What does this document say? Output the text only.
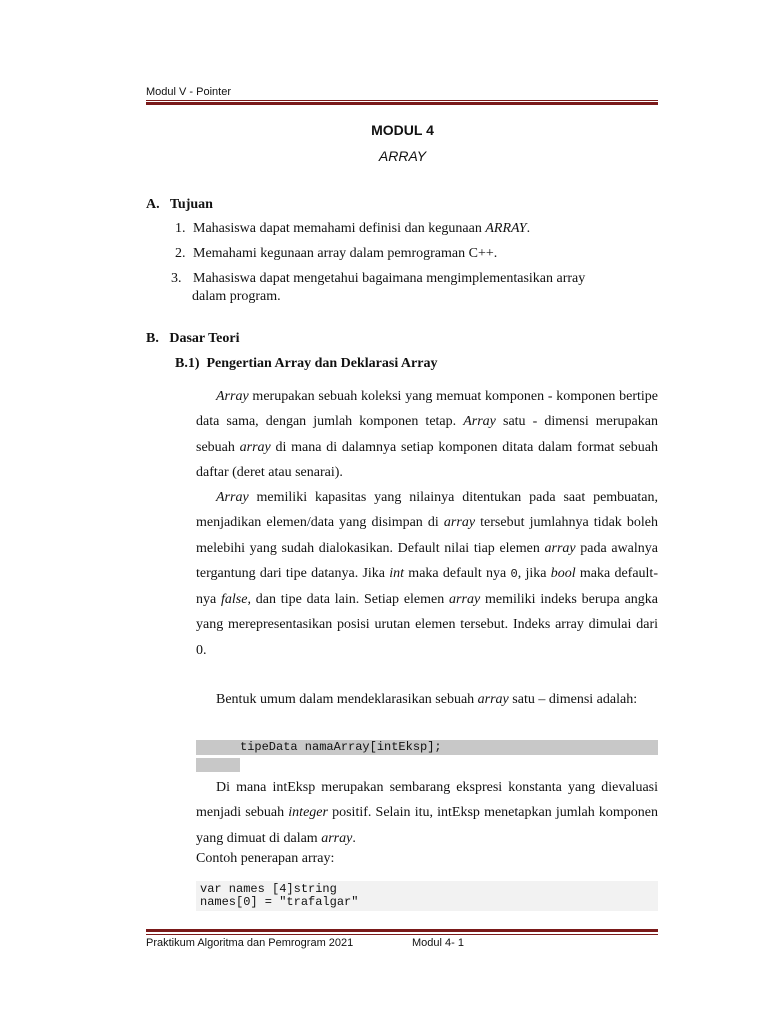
Modul V - Pointer
MODUL 4
ARRAY
A.   Tujuan
1. Mahasiswa dapat memahami definisi dan kegunaan ARRAY.
2. Memahami kegunaan array dalam pemrograman C++.
3. Mahasiswa dapat mengetahui bagaimana mengimplementasikan array
dalam program.
B.   Dasar Teori
B.1)  Pengertian Array dan Deklarasi Array

Array merupakan sebuah koleksi yang memuat komponen - komponen bertipe data sama, dengan jumlah komponen tetap. Array satu - dimensi merupakan sebuah array di mana di dalamnya setiap komponen ditata dalam format sebuah daftar (deret atau senarai).

Array memiliki kapasitas yang nilainya ditentukan pada saat pembuatan, menjadikan elemen/data yang disimpan di array tersebut jumlahnya tidak boleh melebihi yang sudah dialokasikan. Default nilai tiap elemen array pada awalnya tergantung dari tipe datanya. Jika int maka default nya 0, jika bool maka default-nya false, dan tipe data lain. Setiap elemen array memiliki indeks berupa angka yang merepresentasikan posisi urutan elemen tersebut. Indeks array dimulai dari 0.

Bentuk umum dalam mendeklarasikan sebuah array satu – dimensi adalah:

tipeData namaArray[intEksp];

Di mana intEksp merupakan sembarang ekspresi konstanta yang dievaluasi menjadi sebuah integer positif. Selain itu, intEksp menetapkan jumlah komponen yang dimuat di dalam array.

Contoh penerapan array:
var names [4]string
names[0] = "trafalgar"
Praktikum Algoritma dan Pemrogram 2021	Modul 4- 1
